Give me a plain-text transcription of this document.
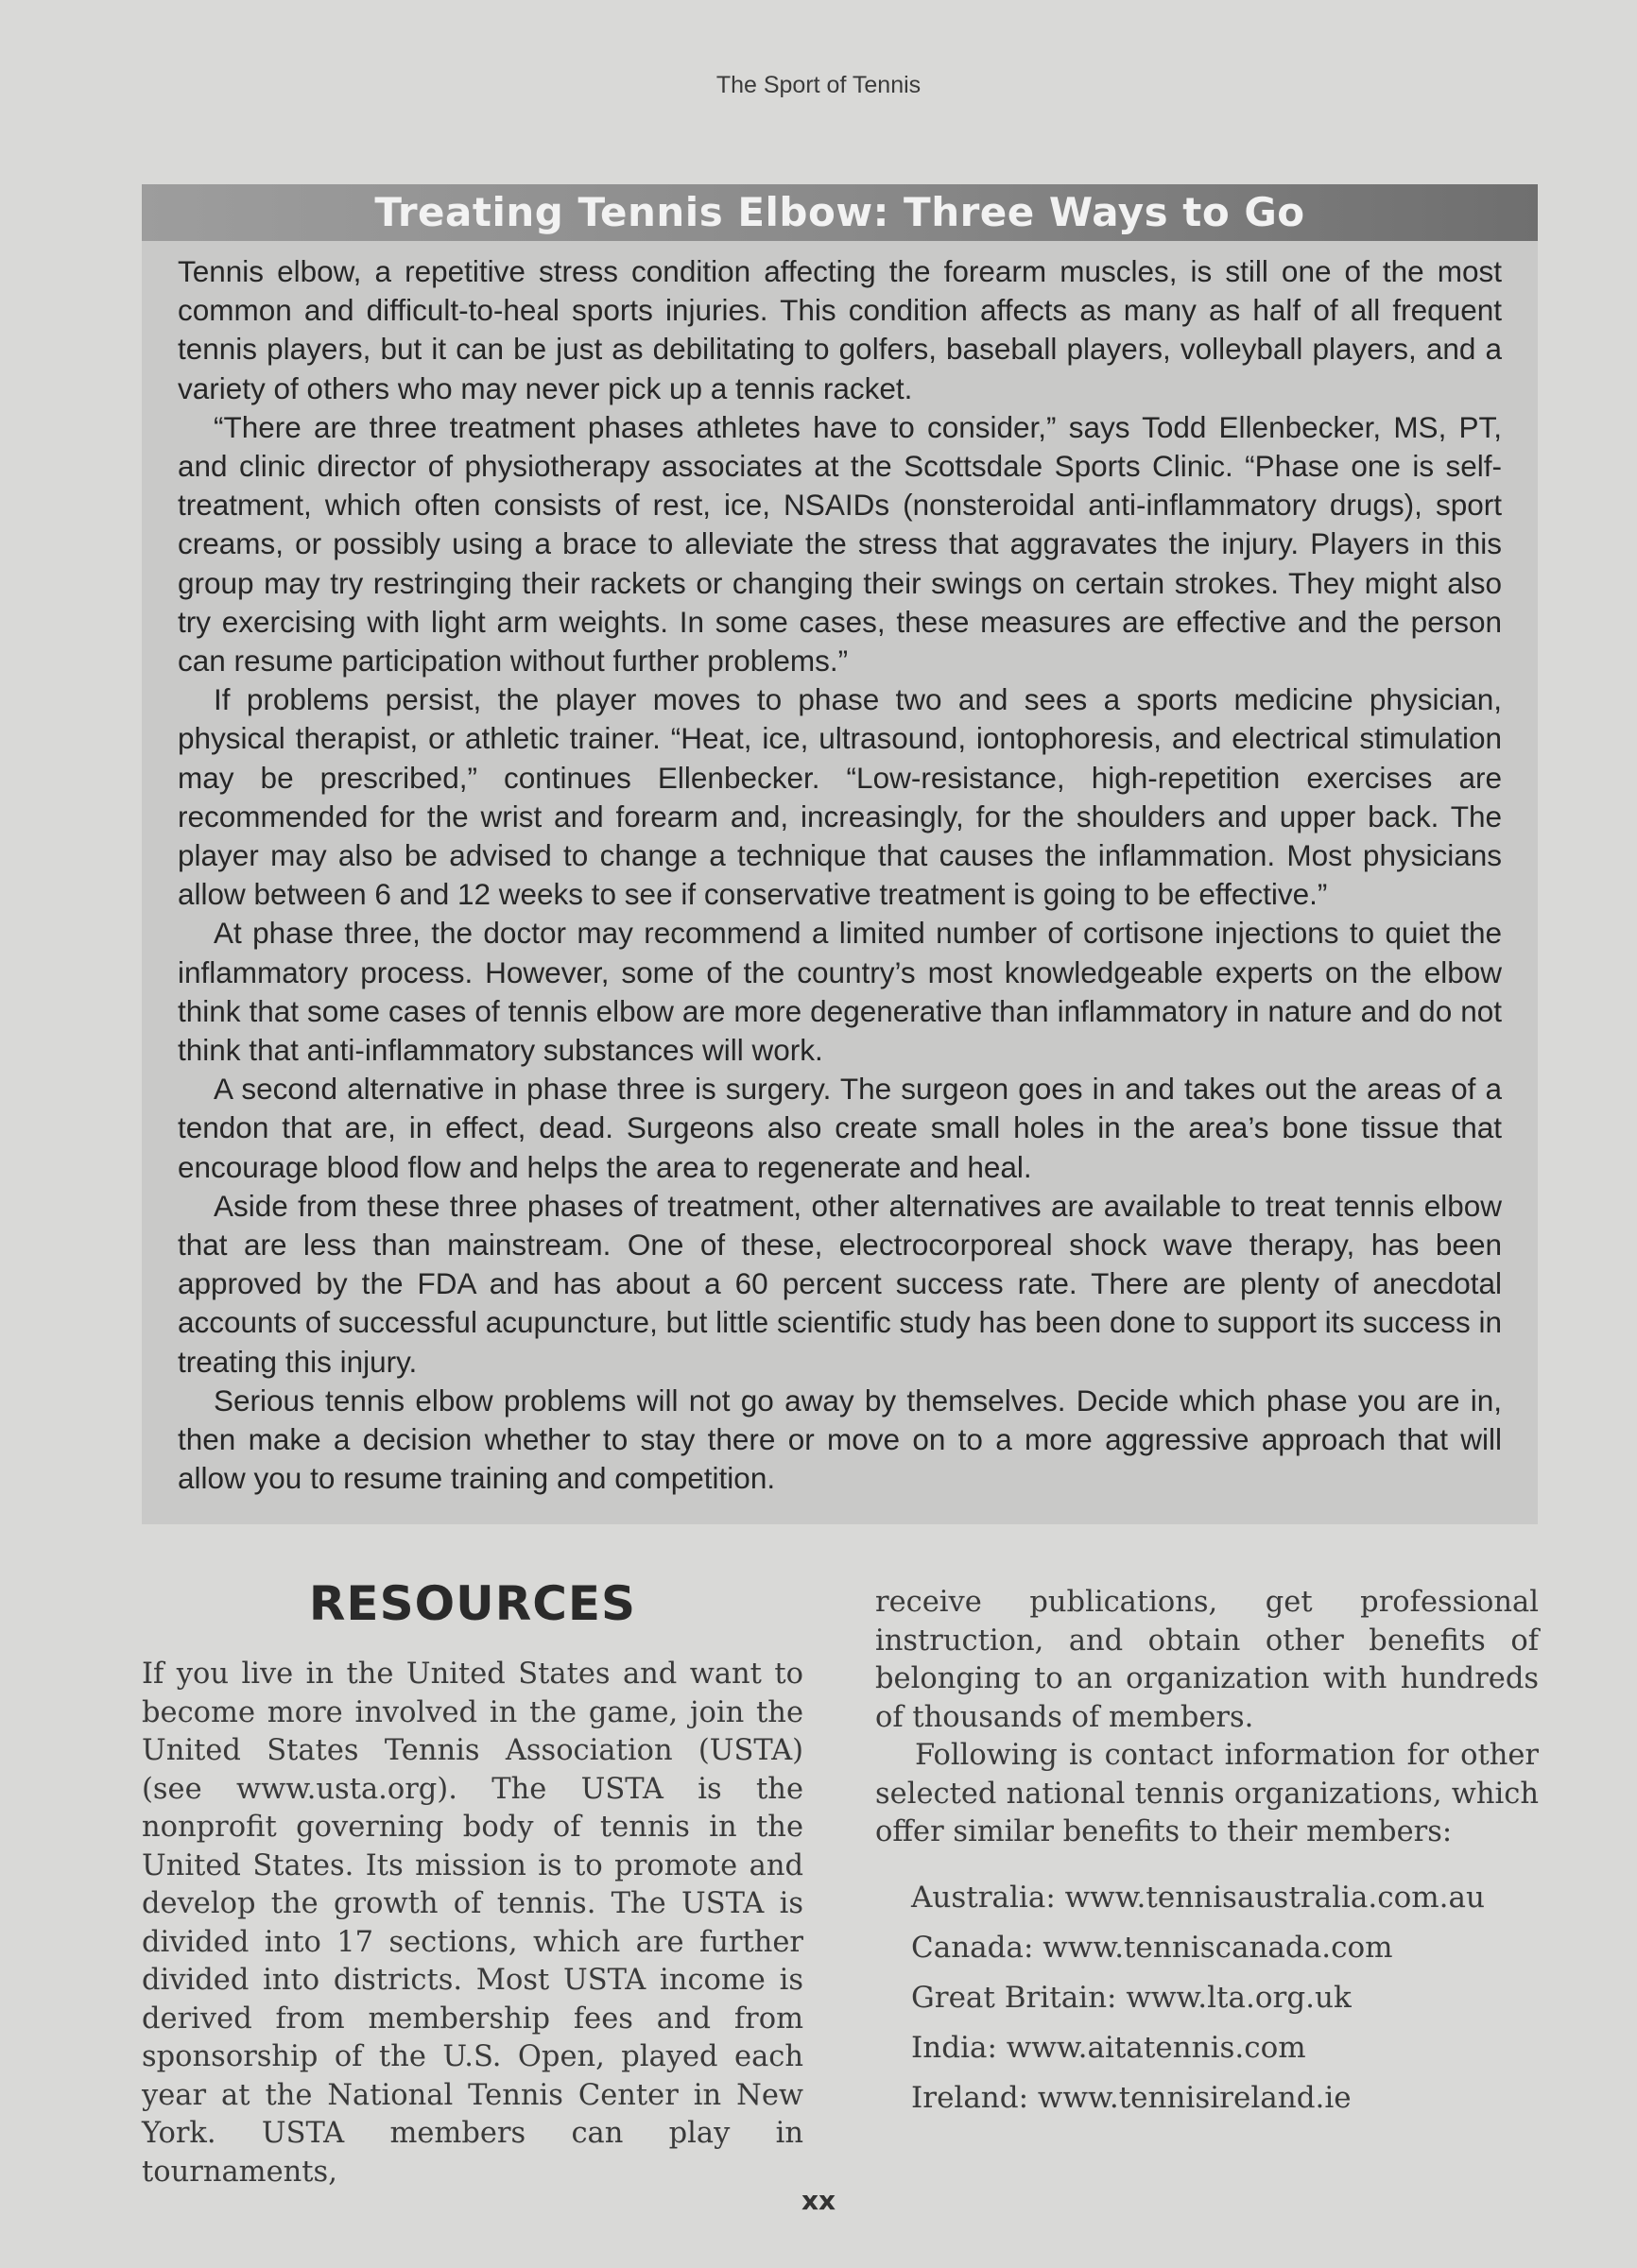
The Sport of Tennis
Treating Tennis Elbow: Three Ways to Go

Tennis elbow, a repetitive stress condition affecting the forearm muscles, is still one of the most common and difficult-to-heal sports injuries. This condition affects as many as half of all frequent tennis players, but it can be just as debilitating to golfers, baseball players, volleyball players, and a variety of others who may never pick up a tennis racket.

“There are three treatment phases athletes have to consider,” says Todd Ellenbecker, MS, PT, and clinic director of physiotherapy associates at the Scottsdale Sports Clinic. “Phase one is self-treatment, which often consists of rest, ice, NSAIDs (nonsteroidal anti-inflammatory drugs), sport creams, or possibly using a brace to alleviate the stress that aggravates the injury. Players in this group may try restringing their rackets or changing their swings on certain strokes. They might also try exercising with light arm weights. In some cases, these measures are effective and the person can resume participation without further problems.”

If problems persist, the player moves to phase two and sees a sports medicine physician, physical therapist, or athletic trainer. “Heat, ice, ultrasound, iontophoresis, and electrical stimulation may be prescribed,” continues Ellenbecker. “Low-resistance, high-repetition exercises are recommended for the wrist and forearm and, increasingly, for the shoulders and upper back. The player may also be advised to change a technique that causes the inflammation. Most physicians allow between 6 and 12 weeks to see if conservative treatment is going to be effective.”

At phase three, the doctor may recommend a limited number of cortisone injections to quiet the inflammatory process. However, some of the country’s most knowledgeable experts on the elbow think that some cases of tennis elbow are more degenerative than inflammatory in nature and do not think that anti-inflammatory substances will work.

A second alternative in phase three is surgery. The surgeon goes in and takes out the areas of a tendon that are, in effect, dead. Surgeons also create small holes in the area’s bone tissue that encourage blood flow and helps the area to regenerate and heal.

Aside from these three phases of treatment, other alternatives are available to treat tennis elbow that are less than mainstream. One of these, electrocorporeal shock wave therapy, has been approved by the FDA and has about a 60 percent success rate. There are plenty of anecdotal accounts of successful acupuncture, but little scientific study has been done to support its success in treating this injury.

Serious tennis elbow problems will not go away by themselves. Decide which phase you are in, then make a decision whether to stay there or move on to a more aggressive approach that will allow you to resume training and competition.

RESOURCES

If you live in the United States and want to become more involved in the game, join the United States Tennis Association (USTA) (see www.usta.org). The USTA is the nonprofit governing body of tennis in the United States. Its mission is to promote and develop the growth of tennis. The USTA is divided into 17 sections, which are further divided into districts. Most USTA income is derived from membership fees and from sponsorship of the U.S. Open, played each year at the National Tennis Center in New York. USTA members can play in tournaments,

receive publications, get professional instruction, and obtain other benefits of belonging to an organization with hundreds of thousands of members.

Following is contact information for other selected national tennis organizations, which offer similar benefits to their members:

Australia: www.tennisaustralia.com.au
Canada: www.tenniscanada.com
Great Britain: www.lta.org.uk
India: www.aitatennis.com
Ireland: www.tennisireland.ie
xx
